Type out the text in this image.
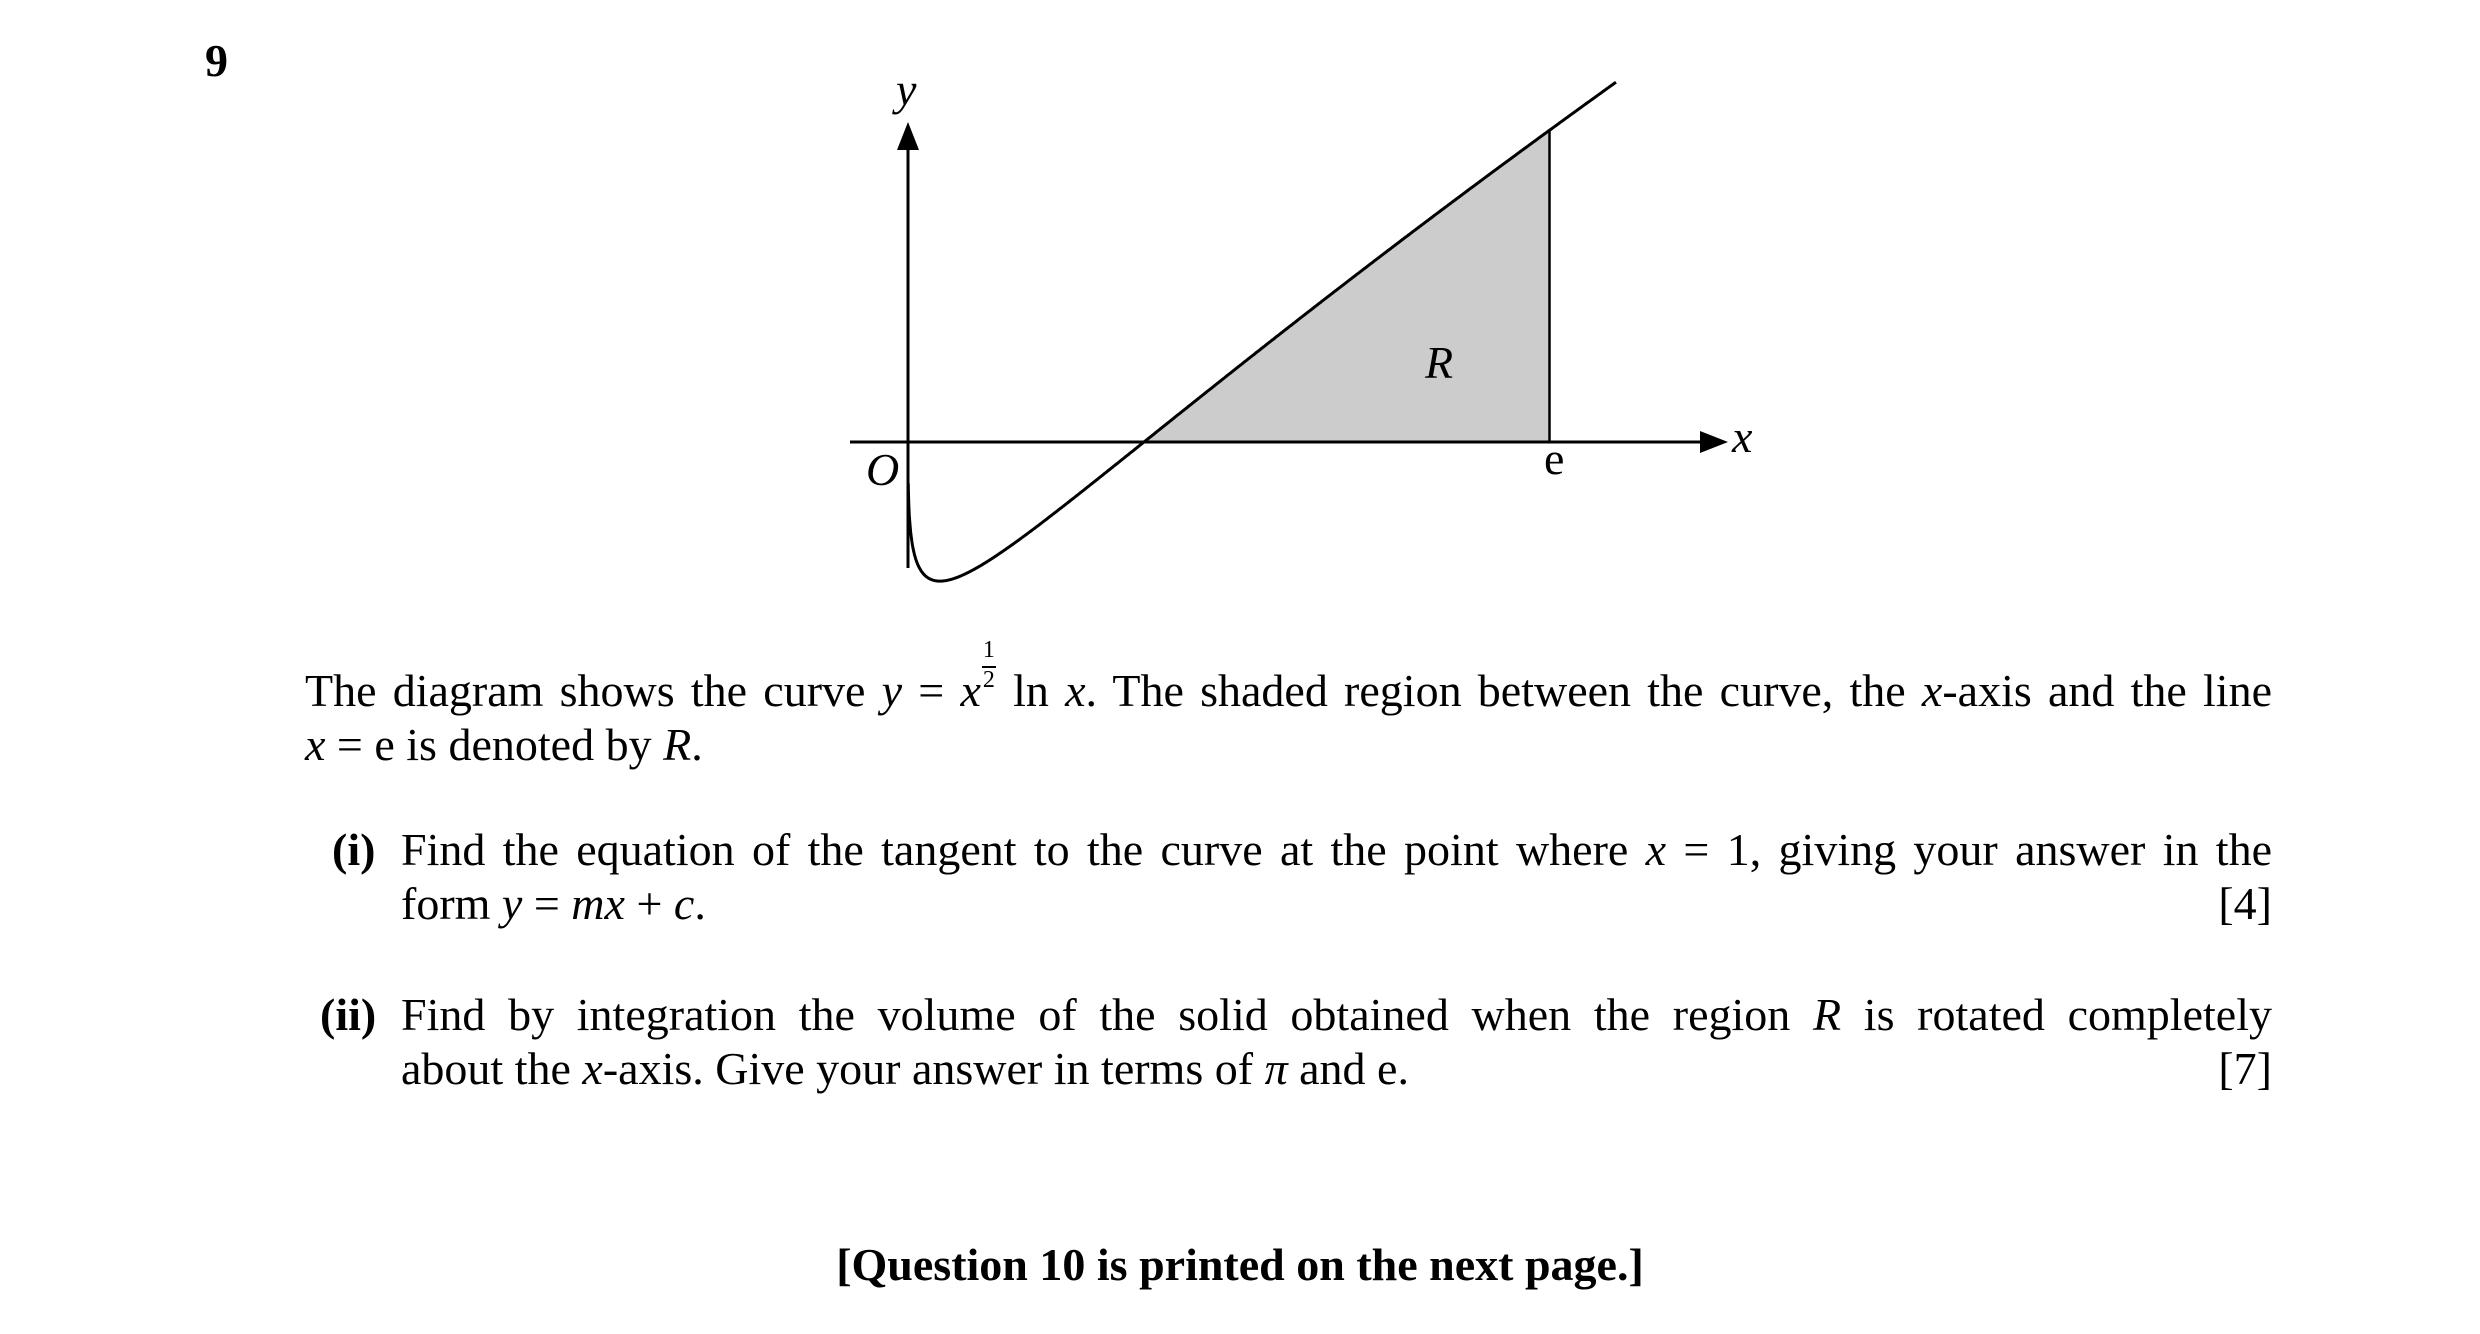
9
y
x
O	e
R
The diagram shows the curve y = x $\frac{1}{2}$ ln x. The shaded region between the curve, the x-axis and the line
x = e is denoted by R.
(i) Find the equation of the tangent to the curve at the point where x = 1, giving your answer in the
form y = mx + c.	[4]
(ii) Find by integration the volume of the solid obtained when the region R is rotated completely
about the x-axis. Give your answer in terms of π and e.	[7]
[Question 10 is printed on the next page.]
